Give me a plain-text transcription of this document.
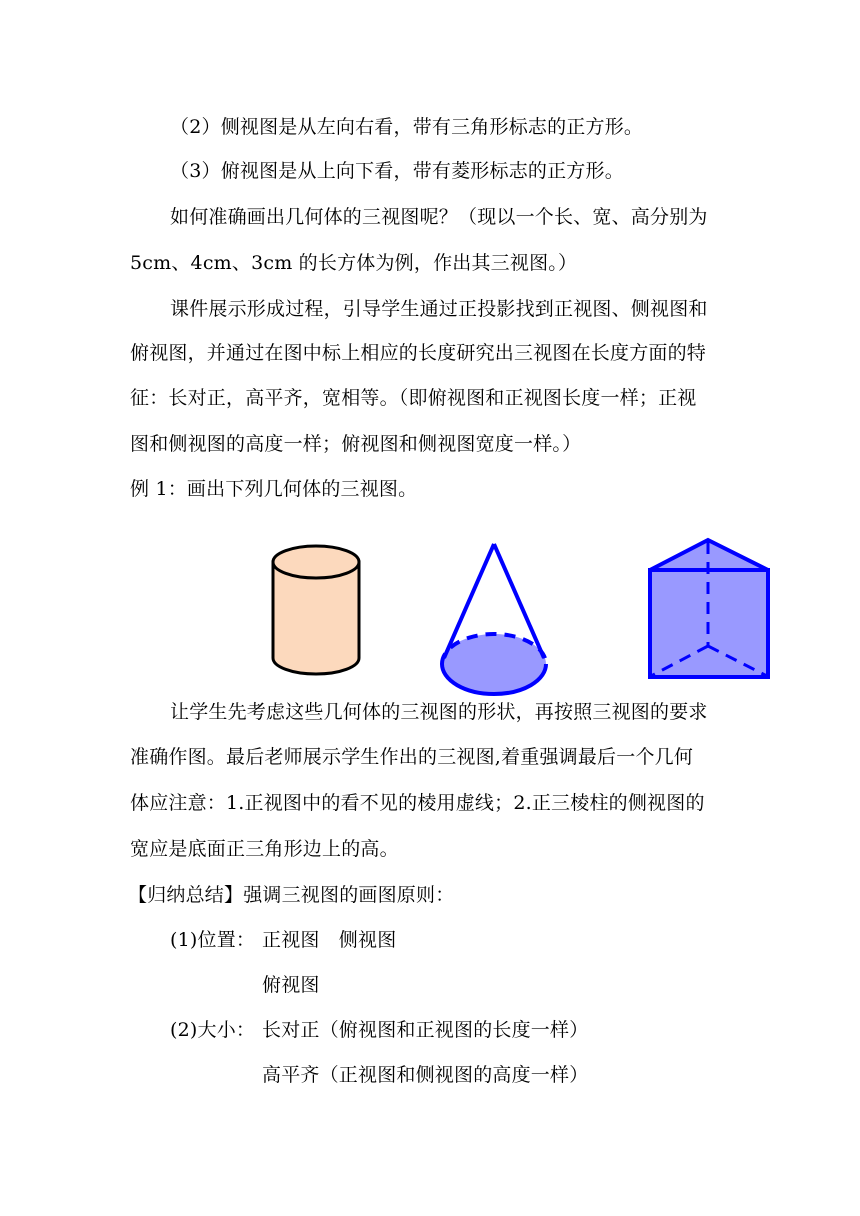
（2）侧视图是从左向右看，带有三角形标志的正方形。
（3）俯视图是从上向下看，带有菱形标志的正方形。
如何准确画出几何体的三视图呢？（现以一个长、宽、高分别为
5cm、4cm、3cm 的长方体为例，作出其三视图。）
课件展示形成过程，引导学生通过正投影找到正视图、侧视图和
俯视图，并通过在图中标上相应的长度研究出三视图在长度方面的特
征：长对正，高平齐，宽相等。（即俯视图和正视图长度一样；正视
图和侧视图的高度一样；俯视图和侧视图宽度一样。）
例 1：画出下列几何体的三视图。
让学生先考虑这些几何体的三视图的形状，再按照三视图的要求
准确作图。最后老师展示学生作出的三视图,着重强调最后一个几何
体应注意：1.正视图中的看不见的棱用虚线；2.正三棱柱的侧视图的
宽应是底面正三角形边上的高。
【归纳总结】强调三视图的画图原则：
(1)位置： 正视图　侧视图
俯视图
(2)大小： 长对正（俯视图和正视图的长度一样）
高平齐（正视图和侧视图的高度一样）
